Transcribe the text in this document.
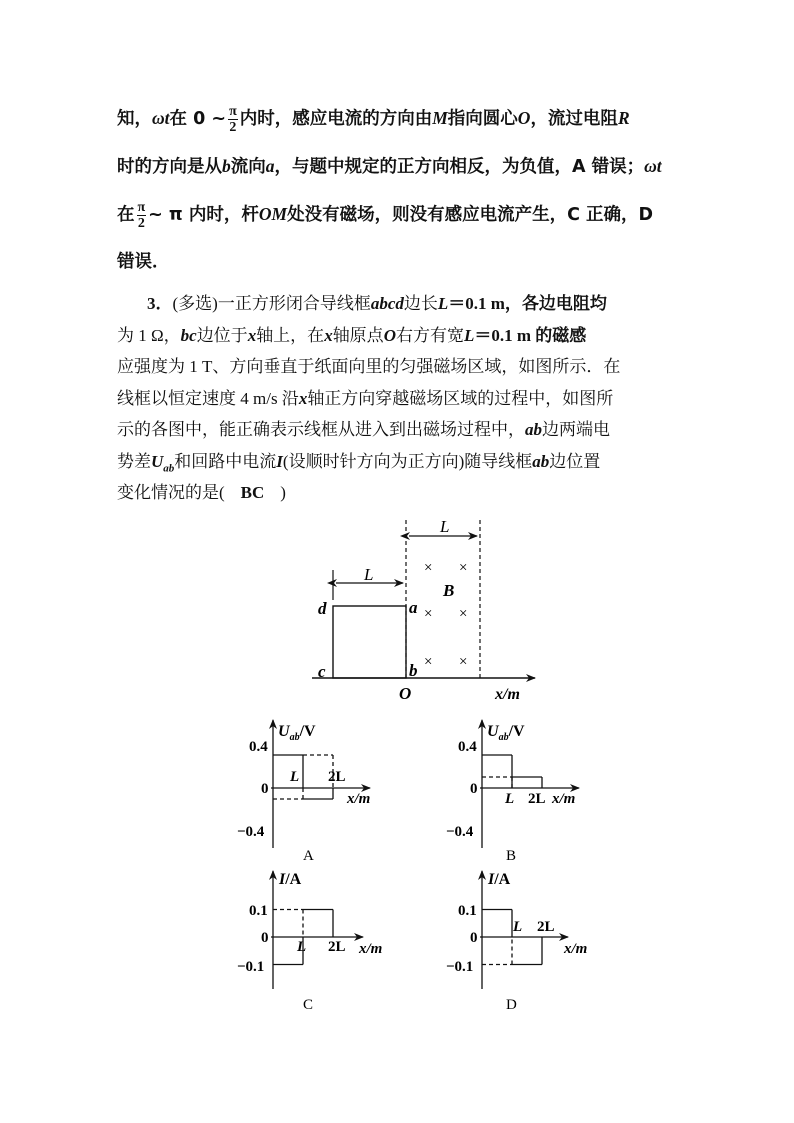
知，ωt在 0 ~ $\frac{\pi}{2}$ 内时，感应电流的方向由M指向圆心O，流过电阻R
时的方向是从b流向a，与题中规定的正方向相反，为负值，A 错误；ωt
在 $\frac{\pi}{2}$ ~ π 内时，杆OM处没有磁场，则没有感应电流产生，C 正确，D
错误．
3．(多选)一正方形闭合导线框abcd边长L＝0.1 m，各边电阻均
为 1 Ω，bc边位于x轴上，在x轴原点O右方有宽L＝0.1 m 的磁感
应强度为 1 T、方向垂直于纸面向里的匀强磁场区域，如图所示．在
线框以恒定速度 4 m/s 沿x轴正方向穿越磁场区域的过程中，如图所
示的各图中，能正确表示线框从进入到出磁场过程中，ab边两端电
势差$U_{ab}$和回路中电流I(设顺时针方向为正方向)随导线框ab边位置
变化情况的是( BC )
L
L
B
× ×
× ×
× ×
d	a
c	b
O	x/m
$U_{ab}/V$
0.4
0
−0.4
L 2L
x/m
A
$U_{ab}/V$
0.4
0
−0.4
L 2L x/m
B
I/A
0.1
0
−0.1
L 2L x/m
C
I/A
0.1
0
−0.1
L 2L
x/m
D
